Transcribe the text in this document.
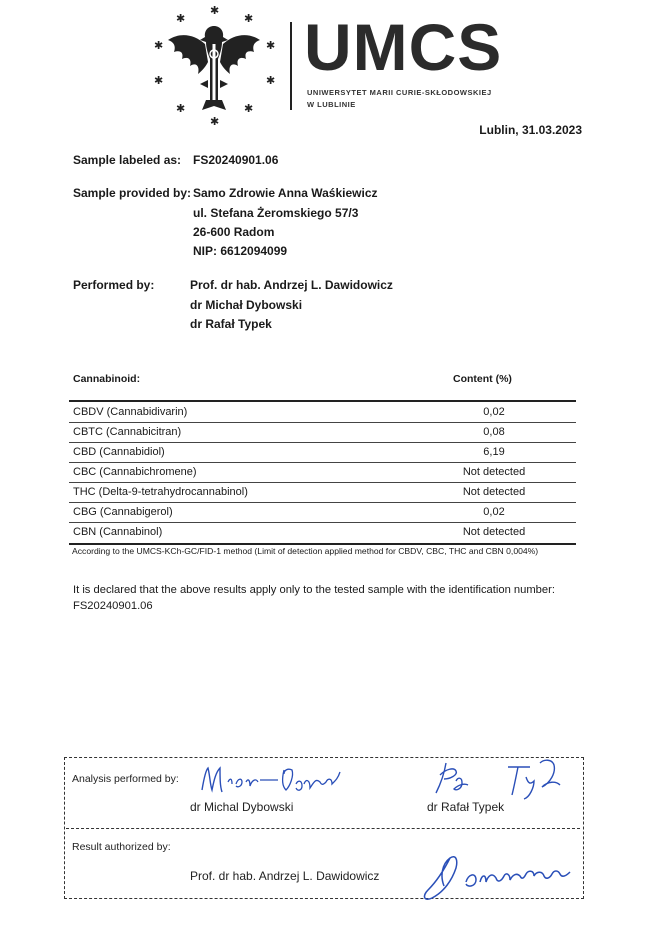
✱
✱
✱
✱	✱
✱	✱
✱	✱
✱
UMCS
UNIWERSYTET MARII CURIE-SKŁODOWSKIEJ
W LUBLINIE
Lublin, 31.03.2023
Sample labeled as: FS20240901.06
Sample provided by: Samo Zdrowie Anna Waśkiewicz
ul. Stefana Żeromskiego 57/3
26-600 Radom
NIP: 6612094099
Performed by:	Prof. dr hab. Andrzej L. Dawidowicz
dr Michał Dybowski
dr Rafał Typek
Cannabinoid:	Content (%)
CBDV (Cannabidivarin)	0,02
CBTC (Cannabicitran)	0,08
CBD (Cannabidiol)	6,19
CBC (Cannabichromene)	Not detected
THC (Delta-9-tetrahydrocannabinol)	Not detected
CBG (Cannabigerol)	0,02
CBN (Cannabinol)	Not detected
According to the UMCS-KCh-GC/FID-1 method (Limit of detection applied method for CBDV, CBC, THC and CBN 0,004%)
It is declared that the above results apply only to the tested sample with the identification number:
FS20240901.06
Analysis performed by:
dr Michal Dybowski	dr Rafał Typek
Result authorized by:
Prof. dr hab. Andrzej L. Dawidowicz
